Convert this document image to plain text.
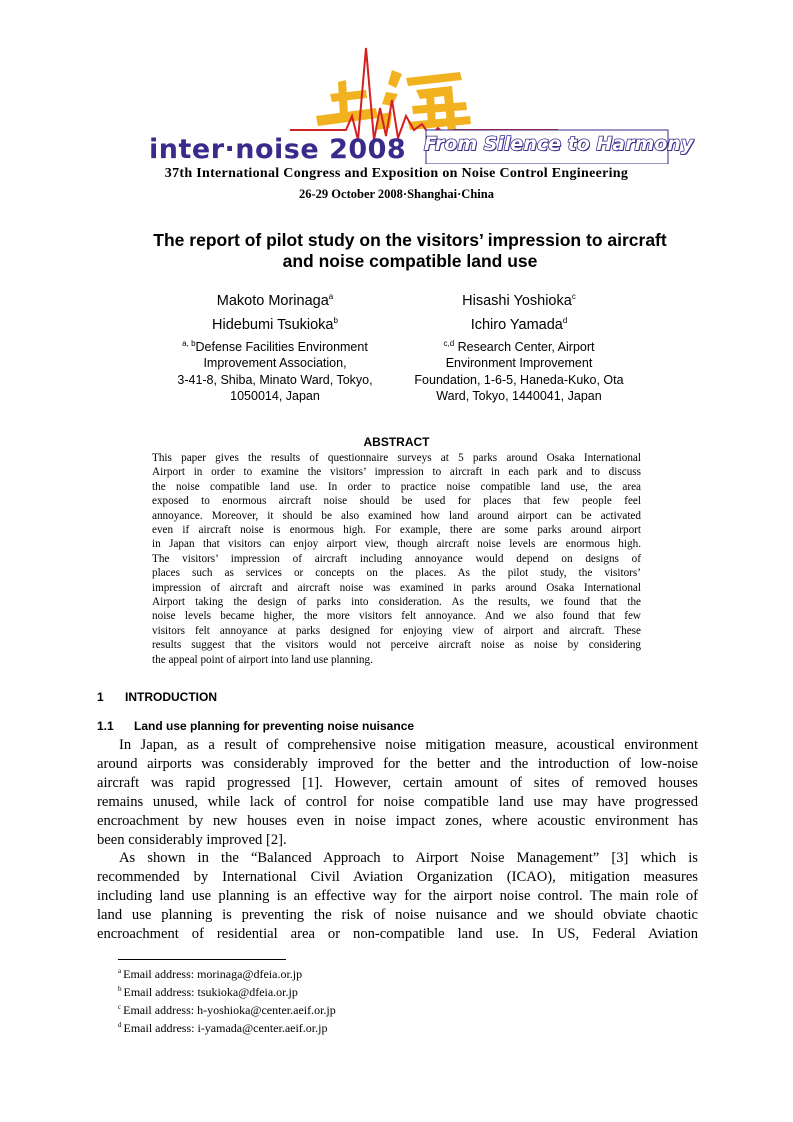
inter·noise 2008 From Silence to Harmony
37th International Congress and Exposition on Noise Control Engineering
26-29 October 2008·Shanghai·China
The report of pilot study on the visitors’ impression to aircraft
and noise compatible land use
Makoto Morinaga$^a$
Hidebumi Tsukioka$^b$
$^{a, b}$Defense Facilities Environment
Improvement Association,
3-41-8, Shiba, Minato Ward, Tokyo,
1050014, Japan
Hisashi Yoshioka$^c$
Ichiro Yamada$^d$
$^{c,d}$ Research Center, Airport
Environment Improvement
Foundation, 1-6-5, Haneda-Kuko, Ota
Ward, Tokyo, 1440041, Japan
ABSTRACT
This paper gives the results of questionnaire surveys at 5 parks around Osaka International
Airport in order to examine the visitors’ impression to aircraft in each park and to discuss
the noise compatible land use. In order to practice noise compatible land use, the area
exposed to enormous aircraft noise should be used for places that few people feel
annoyance. Moreover, it should be also examined how land around airport can be activated
even if aircraft noise is enormous high. For example, there are some parks around airport
in Japan that visitors can enjoy airport view, though aircraft noise levels are enormous high.
The visitors’ impression of aircraft including annoyance would depend on designs of
places such as services or concepts on the places. As the pilot study, the visitors’
impression of aircraft and aircraft noise was examined in parks around Osaka International
Airport taking the design of parks into consideration. As the results, we found that the
noise levels became higher, the more visitors felt annoyance. And we also found that few
visitors felt annoyance at parks designed for enjoying view of airport and aircraft. These
results suggest that the visitors would not perceive aircraft noise as noise by considering
the appeal point of airport into land use planning.
1 INTRODUCTION
1.1 Land use planning for preventing noise nuisance
In Japan, as a result of comprehensive noise mitigation measure, acoustical environment
around airports was considerably improved for the better and the introduction of low-noise
aircraft was rapid progressed [1]. However, certain amount of sites of removed houses
remains unused, while lack of control for noise compatible land use may have progressed
encroachment by new houses even in noise impact zones, where acoustic environment has
been considerably improved [2].
As shown in the “Balanced Approach to Airport Noise Management” [3] which is
recommended by International Civil Aviation Organization (ICAO), mitigation measures
including land use planning is an effective way for the airport noise control. The main role of
land use planning is preventing the risk of noise nuisance and we should obviate chaotic
encroachment of residential area or non-compatible land use. In US, Federal Aviation
$^a$ Email address: morinaga@dfeia.or.jp
$^b$ Email address: tsukioka@dfeia.or.jp
$^c$ Email address: h-yoshioka@center.aeif.or.jp
$^d$ Email address: i-yamada@center.aeif.or.jp
